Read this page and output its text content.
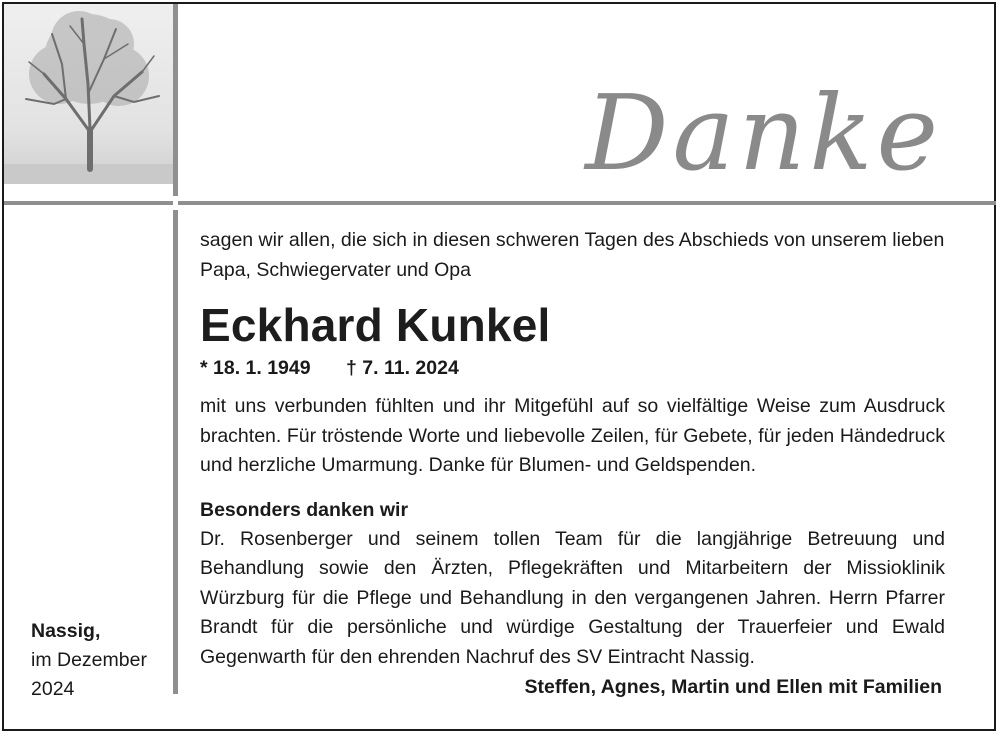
Danke

sagen wir allen, die sich in diesen schweren Tagen des Abschieds von unserem lieben Papa, Schwiegervater und Opa

Eckhard Kunkel
* 18. 1. 1949 † 7. 11. 2024

mit uns verbunden fühlten und ihr Mitgefühl auf so vielfältige Weise zum Ausdruck brachten. Für tröstende Worte und liebevolle Zeilen, für Gebete, für jeden Händedruck und herzliche Umarmung. Danke für Blumen- und Geldspenden.

Besonders danken wir

Dr. Rosenberger und seinem tollen Team für die langjährige Betreuung und Behandlung sowie den Ärzten, Pflegekräften und Mitarbeitern der Missioklinik Würzburg für die Pflege und Behandlung in den vergangenen Jahren. Herrn Pfarrer Brandt für die persönliche und würdige Gestaltung der Trauerfeier und Ewald Gegenwarth für den ehrenden Nachruf des SV Eintracht Nassig.

Nassig,
im Dezember
2024	Steffen, Agnes, Martin und Ellen mit Familien
